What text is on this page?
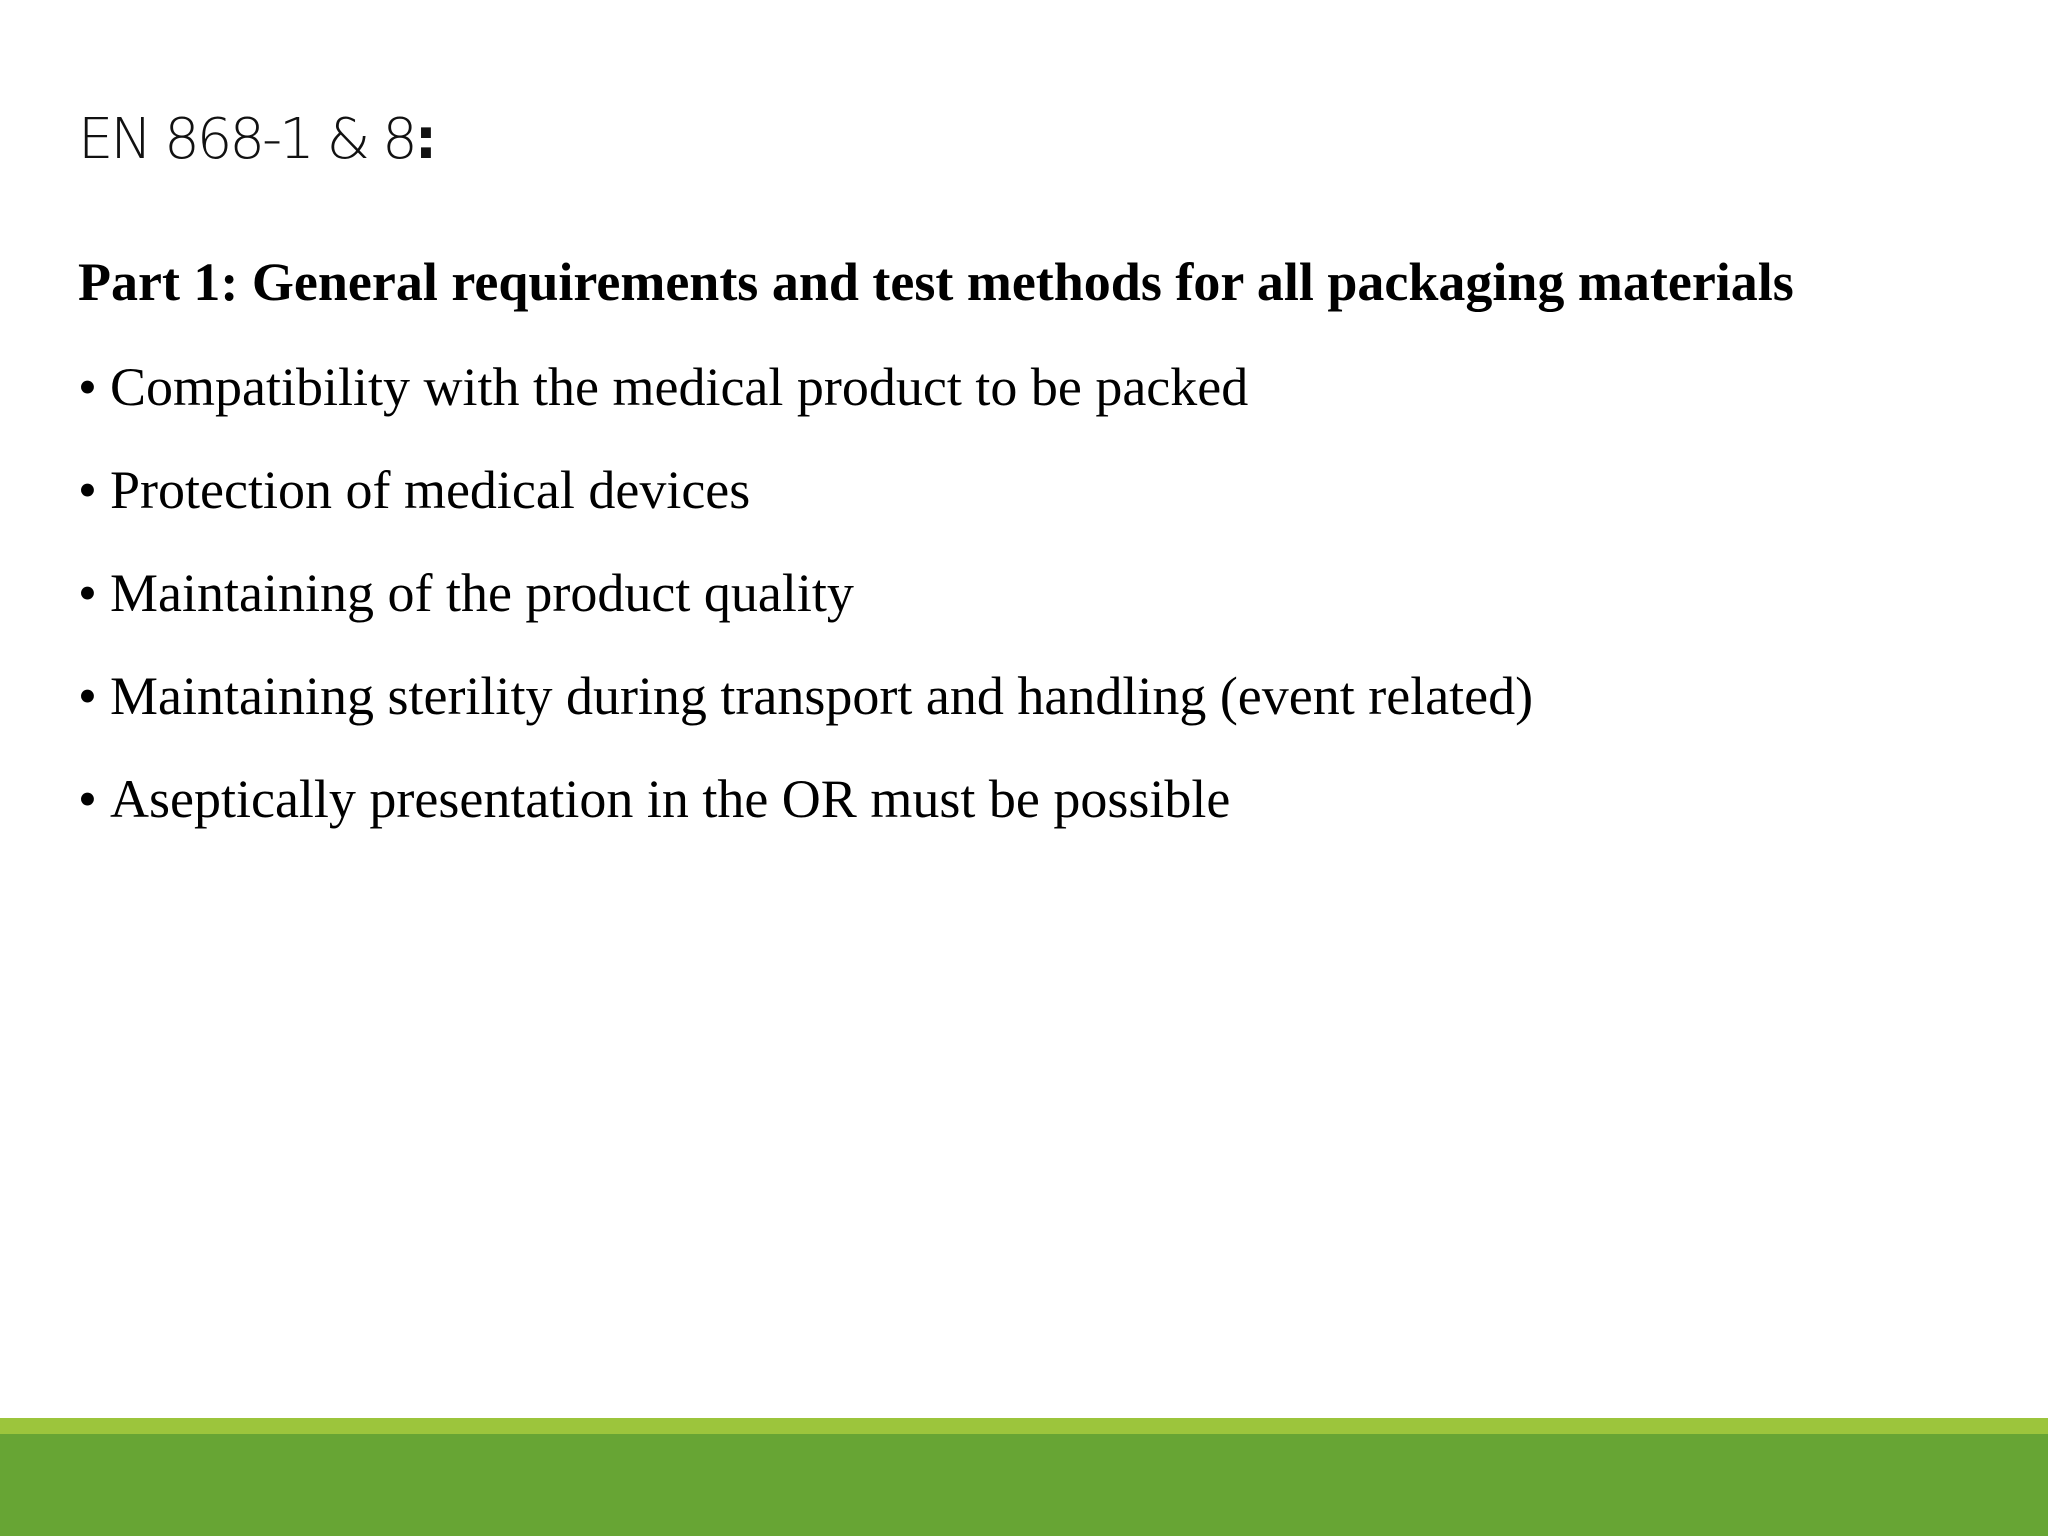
EN 868-1 & 8:
Part 1: General requirements and test methods for all packaging materials
• Compatibility with the medical product to be packed
• Protection of medical devices
• Maintaining of the product quality
• Maintaining sterility during transport and handling (event related)
• Aseptically presentation in the OR must be possible
